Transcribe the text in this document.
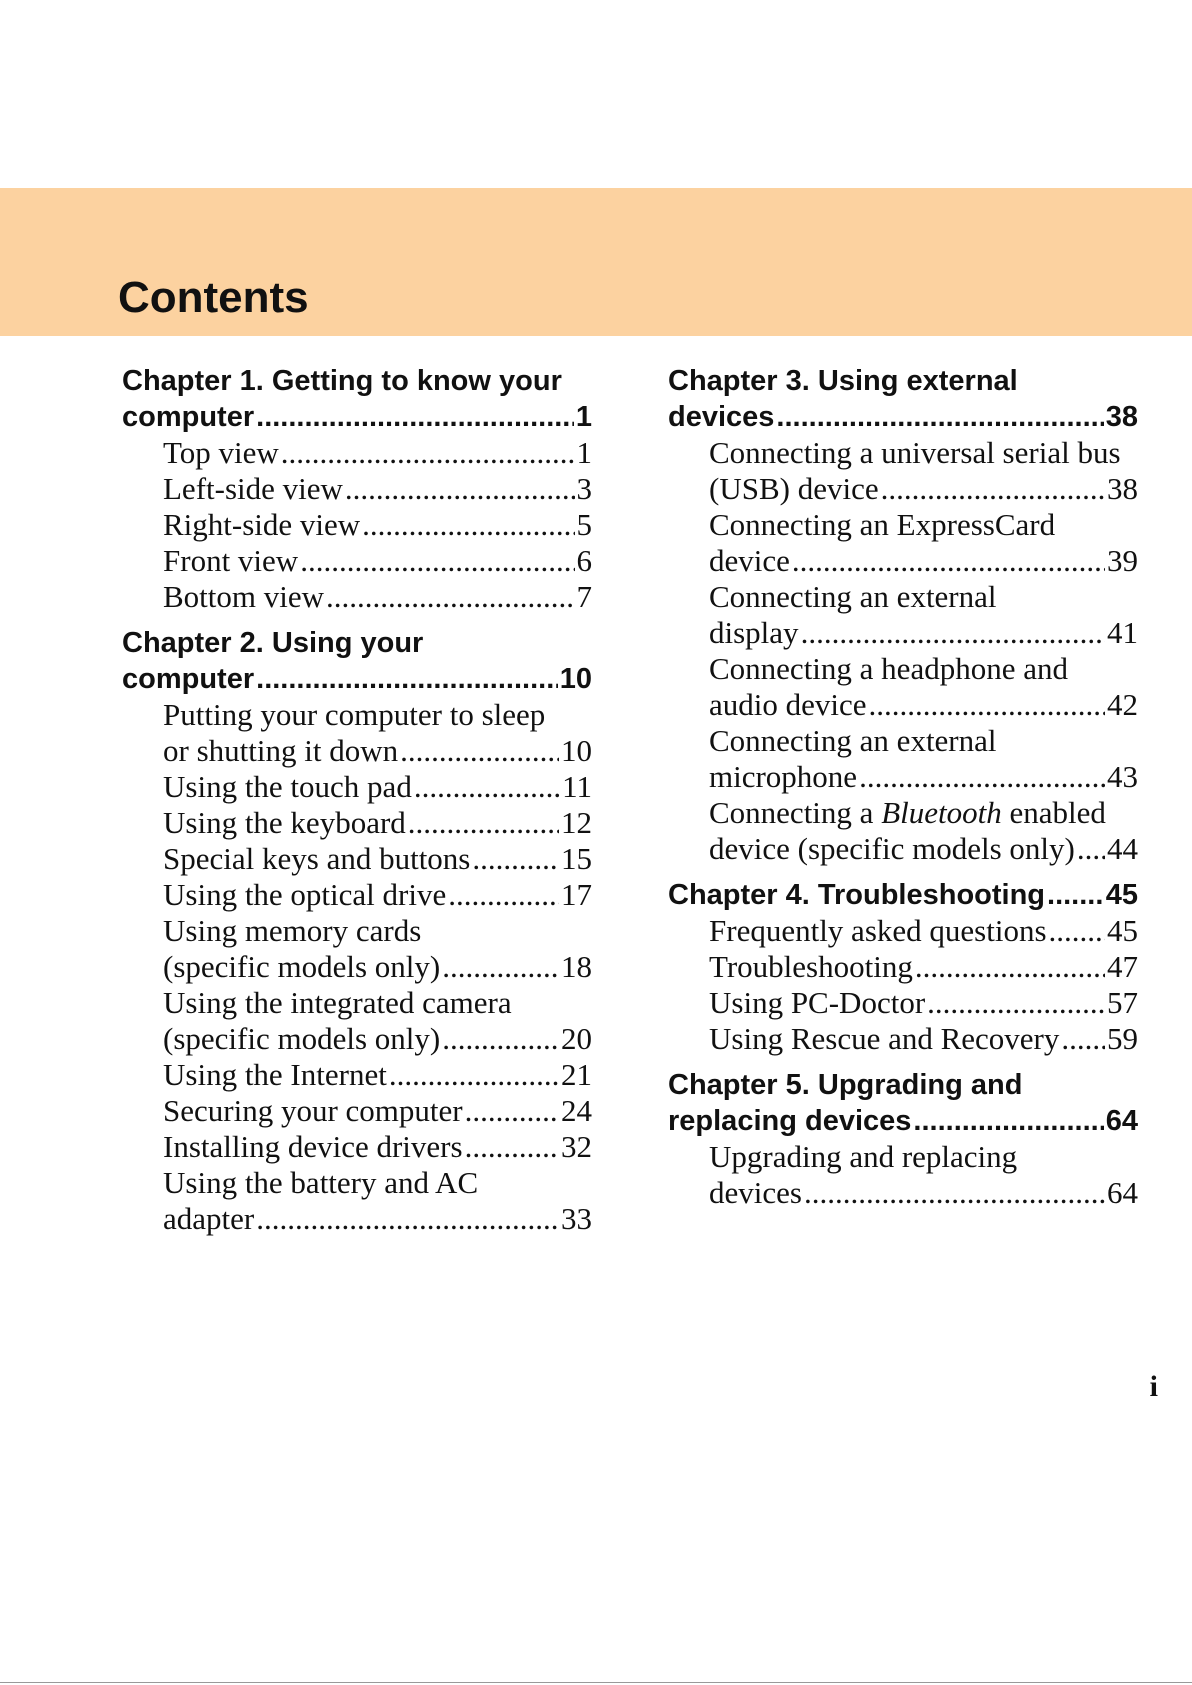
Contents
Chapter 1. Getting to know your
computer .....	1
Top view .....	1
Left-side view .....	3
Right-side view .....	5
Front view .....	6
Bottom view .....	7
Chapter 2. Using your
computer .....	10
Putting your computer to sleep
or shutting it down .....	10
Using the touch pad .....	11
Using the keyboard .....	12
Special keys and buttons .....	15
Using the optical drive .....	17
Using memory cards
(specific models only) .....	18
Using the integrated camera
(specific models only) .....	20
Using the Internet .....	21
Securing your computer .....	24
Installing device drivers .....	32
Using the battery and AC
adapter .....	33
Chapter 3. Using external
devices .....	38
Connecting a universal serial bus
(USB) device .....	38
Connecting an ExpressCard
device .....	39
Connecting an external
display .....	41
Connecting a headphone and
audio device .....	42
Connecting an external
microphone .....	43
Connecting a Bluetooth enabled
device (specific models only) ..... 44
Chapter 4. Troubleshooting ..... 45
Frequently asked questions ..... 45
Troubleshooting .....	47
Using PC-Doctor .....	57
Using Rescue and Recovery ..... 59
Chapter 5. Upgrading and
replacing devices .....	64
Upgrading and replacing
devices .....	64
i
